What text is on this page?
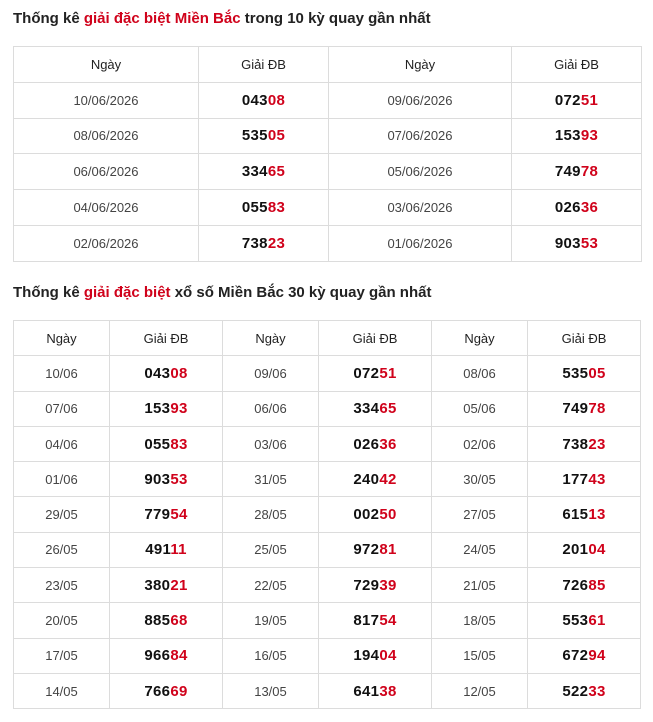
Thống kê giải đặc biệt Miền Bắc trong 10 kỳ quay gần nhất
Ngày	Giải ĐB	Ngày	Giải ĐB
10/06/2026	04308	09/06/2026	07251
08/06/2026	53505	07/06/2026	15393
06/06/2026	33465	05/06/2026	74978
04/06/2026	05583	03/06/2026	02636
02/06/2026	73823	01/06/2026	90353
Thống kê giải đặc biệt xổ số Miền Bắc 30 kỳ quay gần nhất
Ngày	Giải ĐB	Ngày	Giải ĐB	Ngày	Giải ĐB
10/06	04308	09/06	07251	08/06	53505
07/06	15393	06/06	33465	05/06	74978
04/06	05583	03/06	02636	02/06	73823
01/06	90353	31/05	24042	30/05	17743
29/05	77954	28/05	00250	27/05	61513
26/05	49111	25/05	97281	24/05	20104
23/05	38021	22/05	72939	21/05	72685
20/05	88568	19/05	81754	18/05	55361
17/05	96684	16/05	19404	15/05	67294
14/05	76669	13/05	64138	12/05	52233
